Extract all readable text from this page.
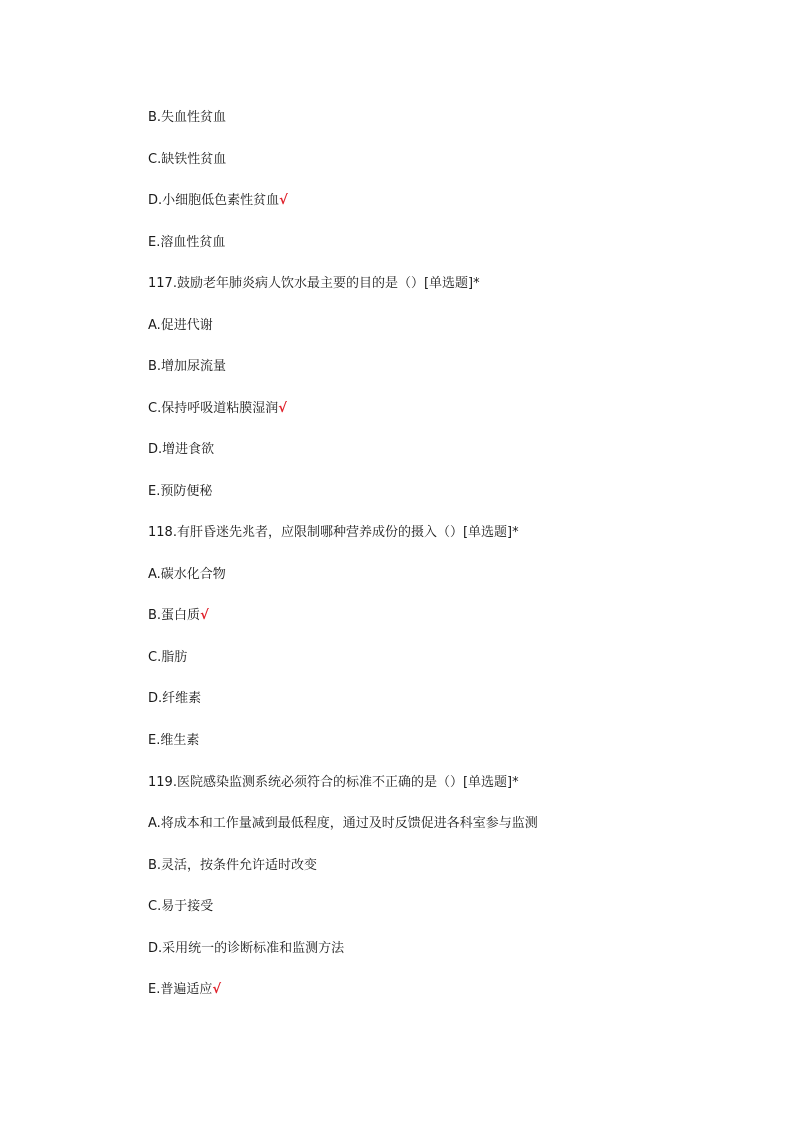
B.失血性贫血
C.缺铁性贫血
D.小细胞低色素性贫血√
E.溶血性贫血
117.鼓励老年肺炎病人饮水最主要的目的是（）[单选题]*
A.促进代谢
B.增加尿流量
C.保持呼吸道粘膜湿润√
D.增进食欲
E.预防便秘
118.有肝昏迷先兆者，应限制哪种营养成份的摄入（）[单选题]*
A.碳水化合物
B.蛋白质√
C.脂肪
D.纤维素
E.维生素
119.医院感染监测系统必须符合的标准不正确的是（）[单选题]*
A.将成本和工作量减到最低程度，通过及时反馈促进各科室参与监测
B.灵活，按条件允许适时改变
C.易于接受
D.采用统一的诊断标准和监测方法
E.普遍适应√
